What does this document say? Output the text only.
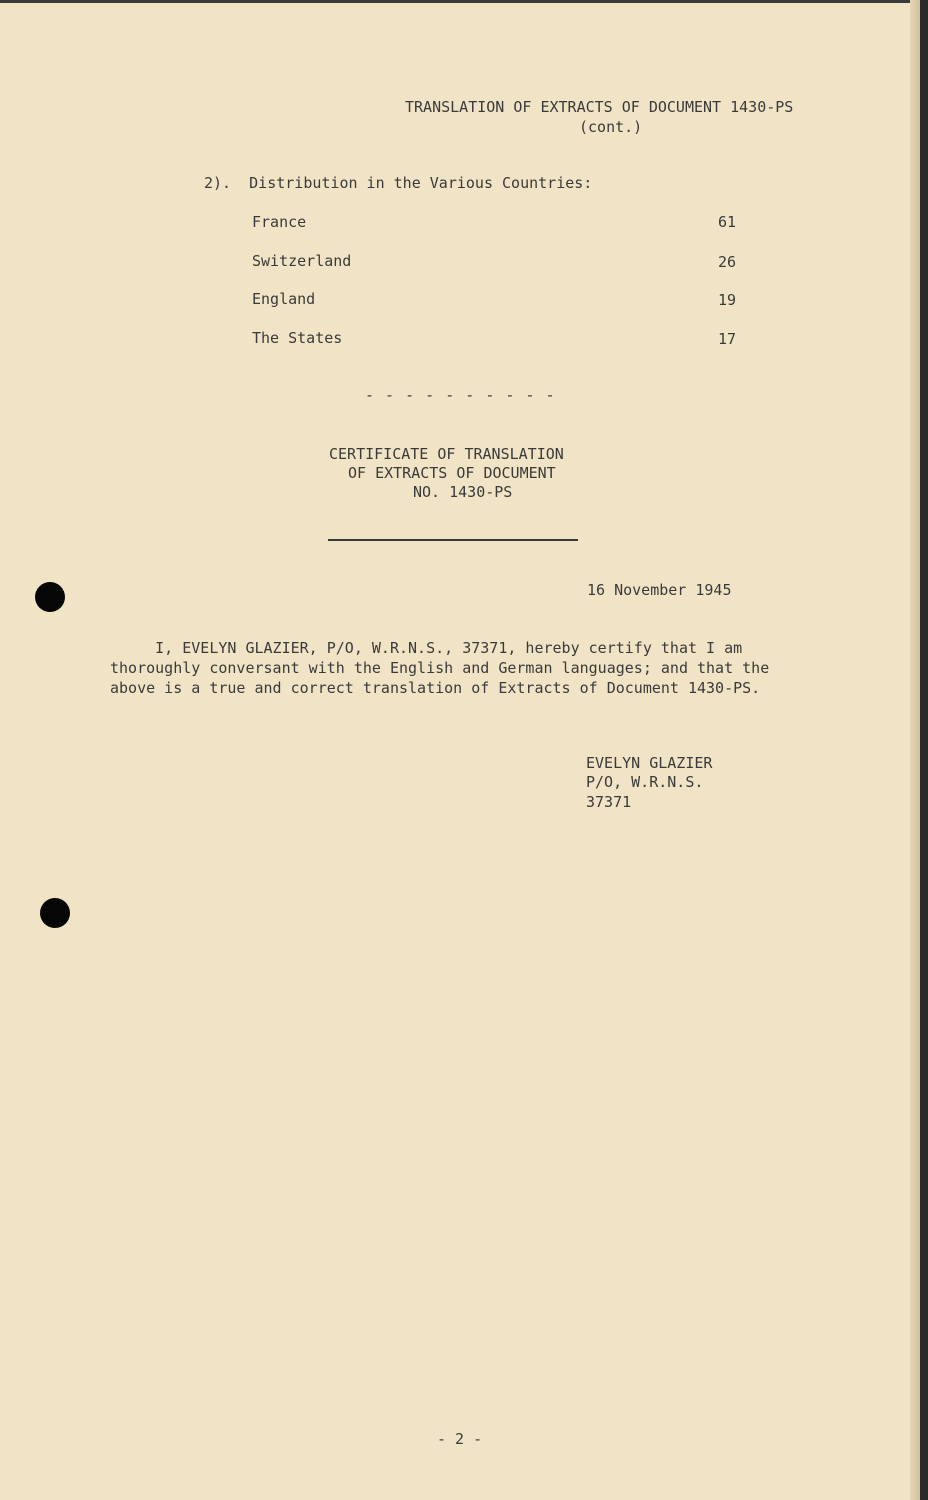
TRANSLATION OF EXTRACTS OF DOCUMENT 1430-PS
(cont.)
2).  Distribution in the Various Countries:
France	61
Switzerland	26
England	19
The States	17
- - - - - - - - - -
CERTIFICATE OF TRANSLATION
OF EXTRACTS OF DOCUMENT
NO. 1430-PS
16 November 1945
I, EVELYN GLAZIER, P/O, W.R.N.S., 37371, hereby certify that I am
thoroughly conversant with the English and German languages; and that the
above is a true and correct translation of Extracts of Document 1430-PS.
EVELYN GLAZIER
P/O, W.R.N.S.
37371
- 2 -
